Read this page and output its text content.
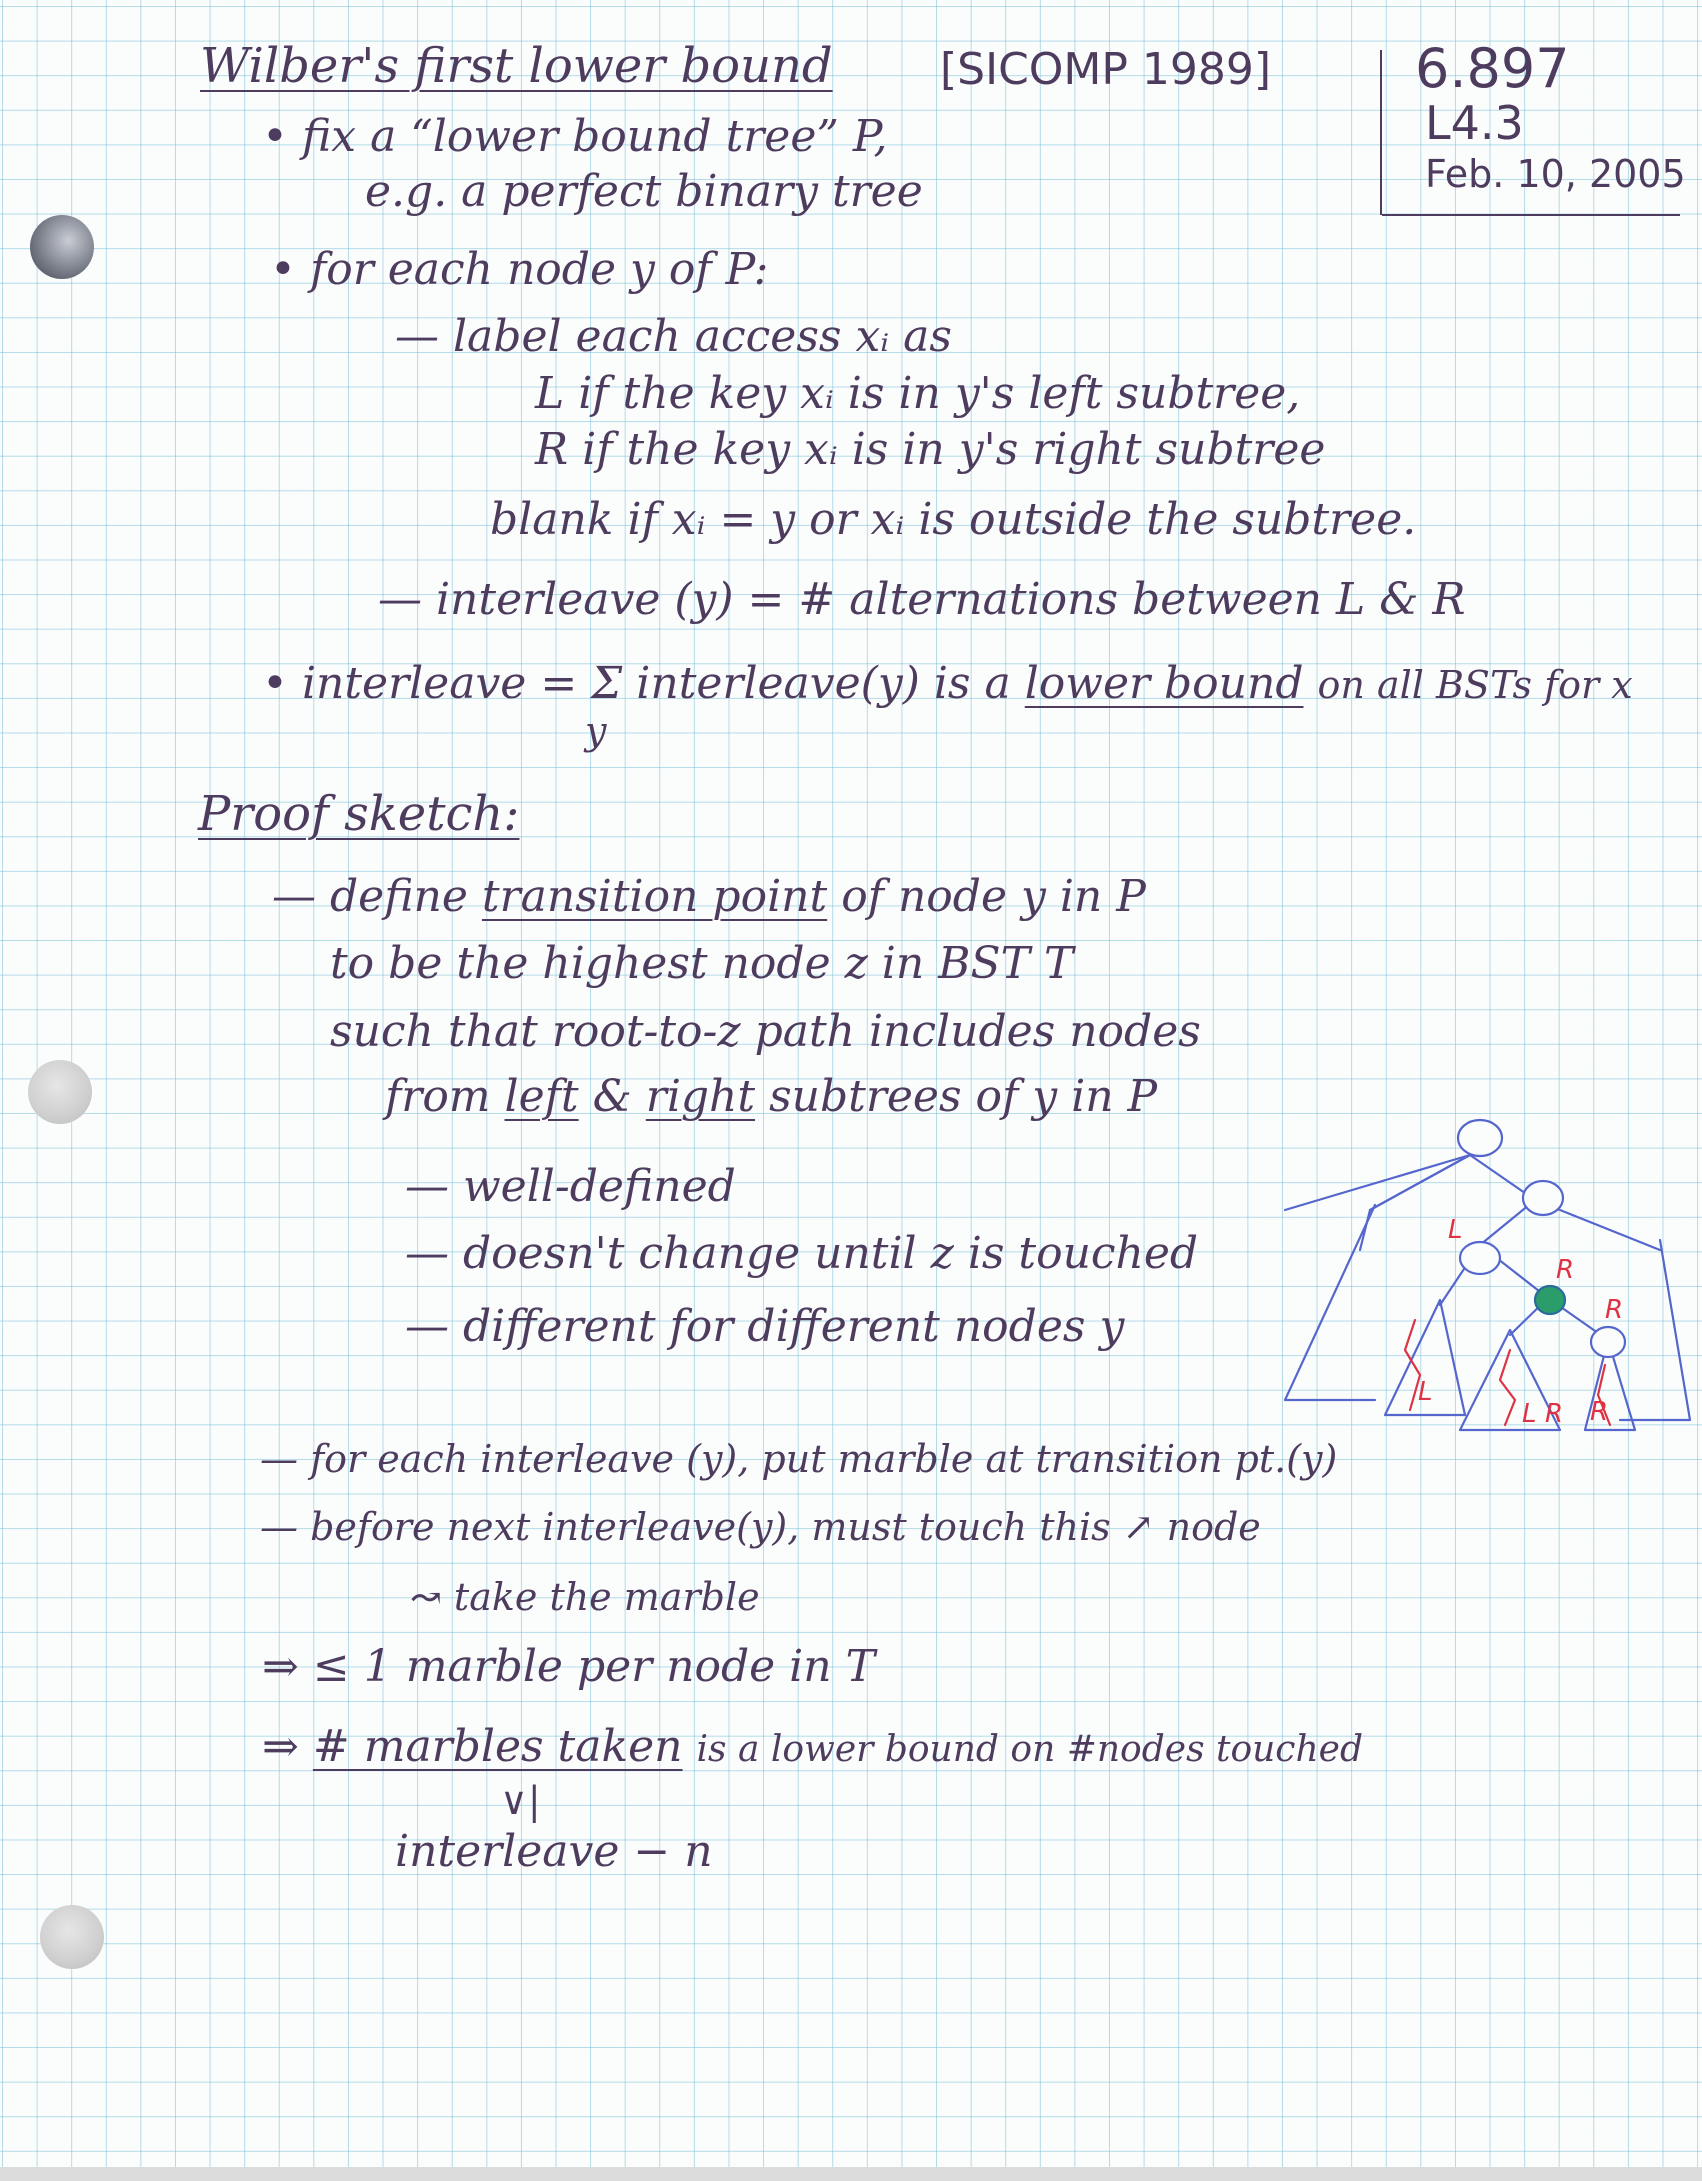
Wilber's first lower bound [SICOMP 1989]	6.897
L4.3
Feb. 10, 2005
• fix a “lower bound tree” P,
e.g. a perfect binary tree
• for each node y of P:
— label each access xᵢ as
L if the key xᵢ is in y's left subtree,
R if the key xᵢ is in y's right subtree
blank if xᵢ = y or xᵢ is outside the subtree.
— interleave (y) = # alternations between L & R
• interleave = Σ interleave(y) is a lower bound on all BSTs for x
y
Proof sketch:
— define transition point of node y in P
to be the highest node z in BST T
such that root-to-z path includes nodes
from left & right subtrees of y in P
— well-defined
— doesn't change until z is touched
— different for different nodes y
— for each interleave (y), put marble at transition pt.(y)
— before next interleave(y), must touch this ↗ node
↝ take the marble
⇒ ≤ 1 marble per node in T
⇒ # marbles taken is a lower bound on #nodes touched
∨|
interleave − n
L
R
R
L
L R R
